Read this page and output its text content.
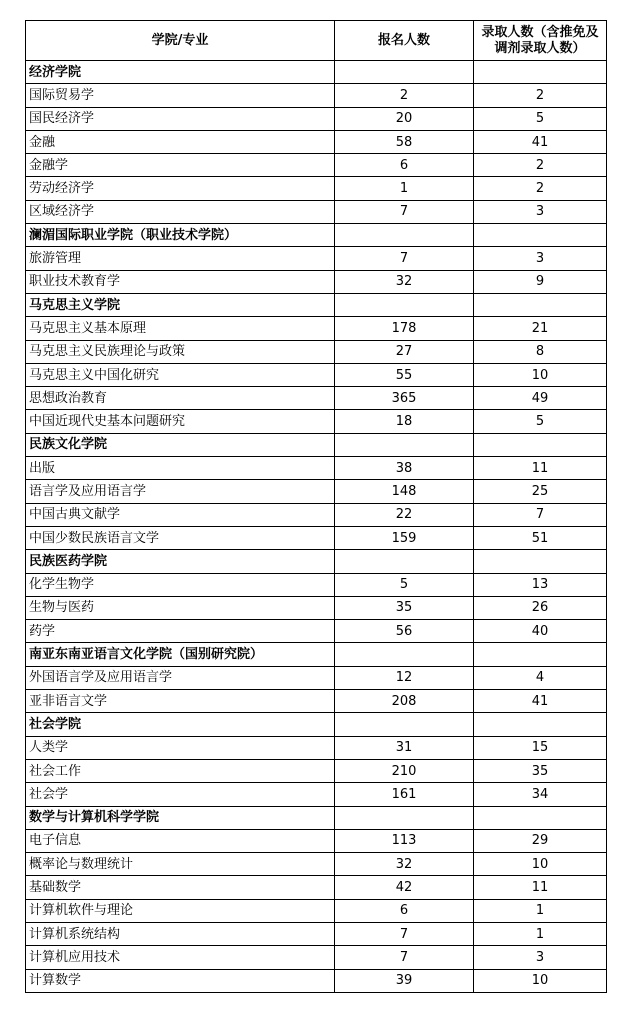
学院/专业	报名人数	录取人数（含推免及调剂录取人数）
经济学院		
国际贸易学	2	2
国民经济学	20	5
金融	58	41
金融学	6	2
劳动经济学	1	2
区域经济学	7	3
澜湄国际职业学院（职业技术学院）		
旅游管理	7	3
职业技术教育学	32	9
马克思主义学院		
马克思主义基本原理	178	21
马克思主义民族理论与政策	27	8
马克思主义中国化研究	55	10
思想政治教育	365	49
中国近现代史基本问题研究	18	5
民族文化学院		
出版	38	11
语言学及应用语言学	148	25
中国古典文献学	22	7
中国少数民族语言文学	159	51
民族医药学院		
化学生物学	5	13
生物与医药	35	26
药学	56	40
南亚东南亚语言文化学院（国别研究院）		
外国语言学及应用语言学	12	4
亚非语言文学	208	41
社会学院		
人类学	31	15
社会工作	210	35
社会学	161	34
数学与计算机科学学院		
电子信息	113	29
概率论与数理统计	32	10
基础数学	42	11
计算机软件与理论	6	1
计算机系统结构	7	1
计算机应用技术	7	3
计算数学	39	10
